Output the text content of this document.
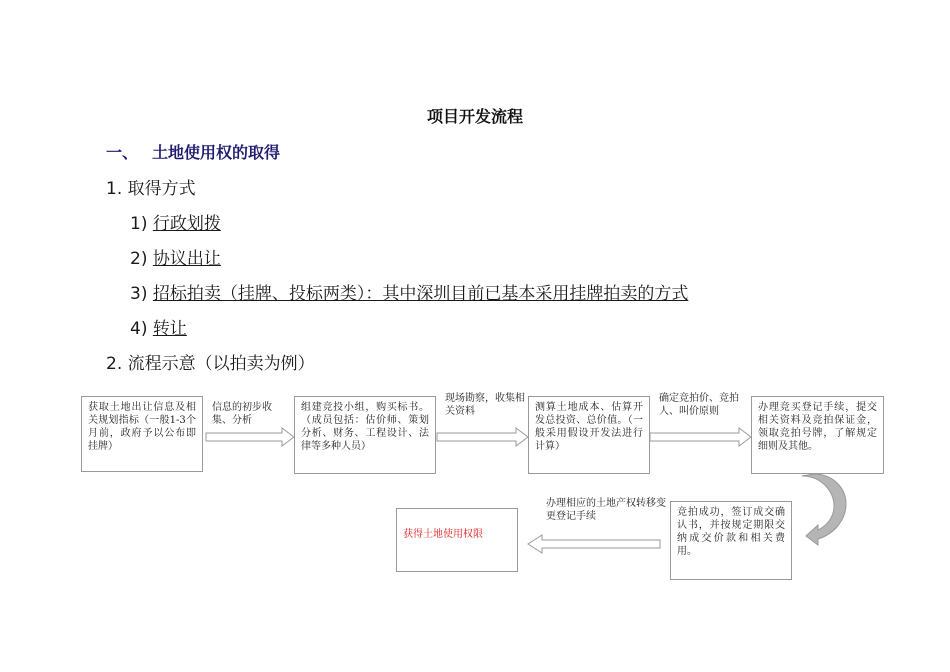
项目开发流程
一、 土地使用权的取得
1. 取得方式
1) 行政划拨
2) 协议出让
3) 招标拍卖（挂牌、投标两类）：其中深圳目前已基本采用挂牌拍卖的方式
4) 转让
2. 流程示意（以拍卖为例）
获取土地出让信息及相关规划指标（一般1-3个月前，政府予以公布即挂牌）
组建竞投小组，购买标书。（成员包括：估价师、策划分析、财务、工程设计、法律等多种人员）
测算土地成本、估算开发总投资、总价值。（一般采用假设开发法进行计算）
办理竞买登记手续，提交相关资料及竞拍保证金，领取竞拍号牌，了解规定细则及其他。
竞拍成功，签订成交确认书，并按规定期限交纳成交价款和相关费用。
获得土地使用权限
信息的初步收集、分析
现场勘察，收集相关资料
确定竞拍价、竞拍人、叫价原则
办理相应的土地产权转移变更登记手续
